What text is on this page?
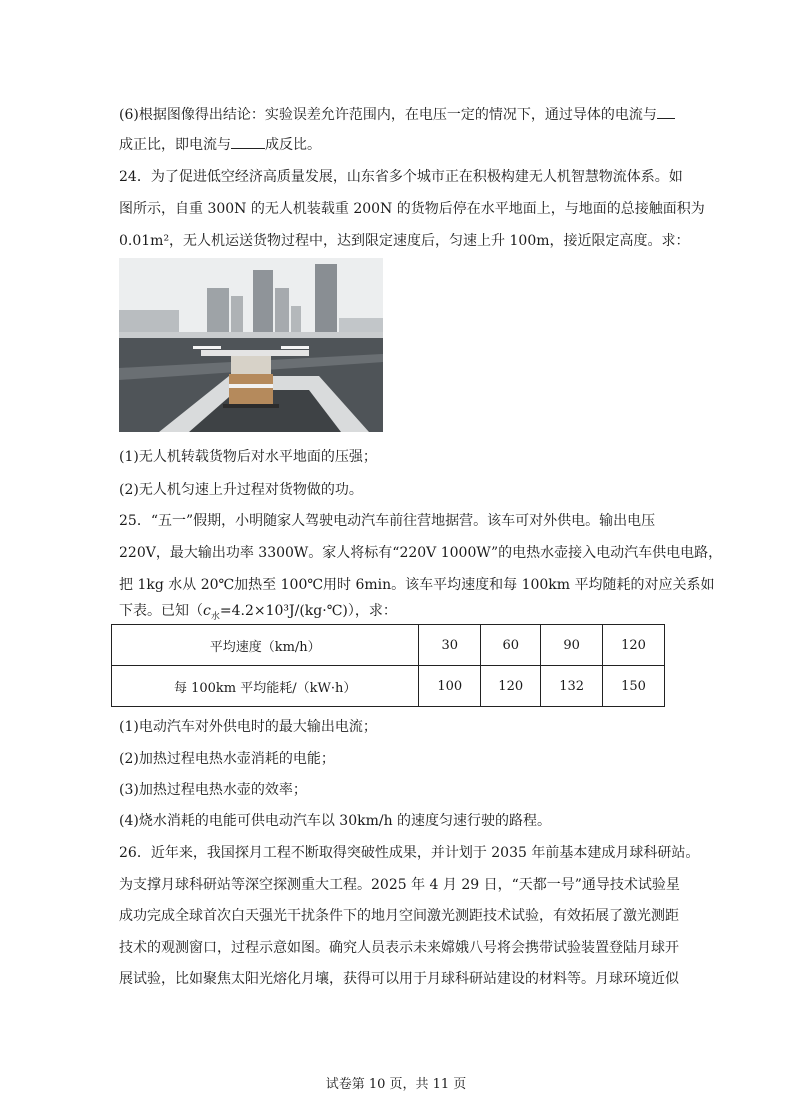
(6)根据图像得出结论：实验误差允许范围内，在电压一定的情况下，通过导体的电流与
成正比，即电流与 成反比。
24．为了促进低空经济高质量发展，山东省多个城市正在积极构建无人机智慧物流体系。如
图所示，自重 300N 的无人机装载重 200N 的货物后停在水平地面上，与地面的总接触面积为
0.01m²，无人机运送货物过程中，达到限定速度后，匀速上升 100m，接近限定高度。求：
(1)无人机转载货物后对水平地面的压强；
(2)无人机匀速上升过程对货物做的功。
25．“五一”假期，小明随家人驾驶电动汽车前往营地据营。该车可对外供电。输出电压
220V，最大输出功率 3300W。家人将标有“220V 1000W”的电热水壶接入电动汽车供电电路，
把 1kg 水从 20℃加热至 100℃用时 6min。该车平均速度和每 100km 平均随耗的对应关系如
下表。已知$(c_水=4.2\times 10^3J/(kg\cdot℃))$，求：
平均速度（km/h）	30	60	90	120
每 100km 平均能耗/（kW·h）	100	120	132	150
(1)电动汽车对外供电时的最大输出电流；
(2)加热过程电热水壶消耗的电能；
(3)加热过程电热水壶的效率；
(4)烧水消耗的电能可供电动汽车以 30km/h 的速度匀速行驶的路程。
26．近年来，我国探月工程不断取得突破性成果，并计划于 2035 年前基本建成月球科研站。
为支撑月球科研站等深空探测重大工程。2025 年 4 月 29 日，“天都一号”通导技术试验星
成功完成全球首次白天强光干扰条件下的地月空间激光测距技术试验，有效拓展了激光测距
技术的观测窗口，过程示意如图。确究人员表示未来嫦娥八号将会携带试验装置登陆月球开
展试验，比如聚焦太阳光熔化月壤，获得可以用于月球科研站建设的材料等。月球环境近似
试卷第 10 页，共 11 页
